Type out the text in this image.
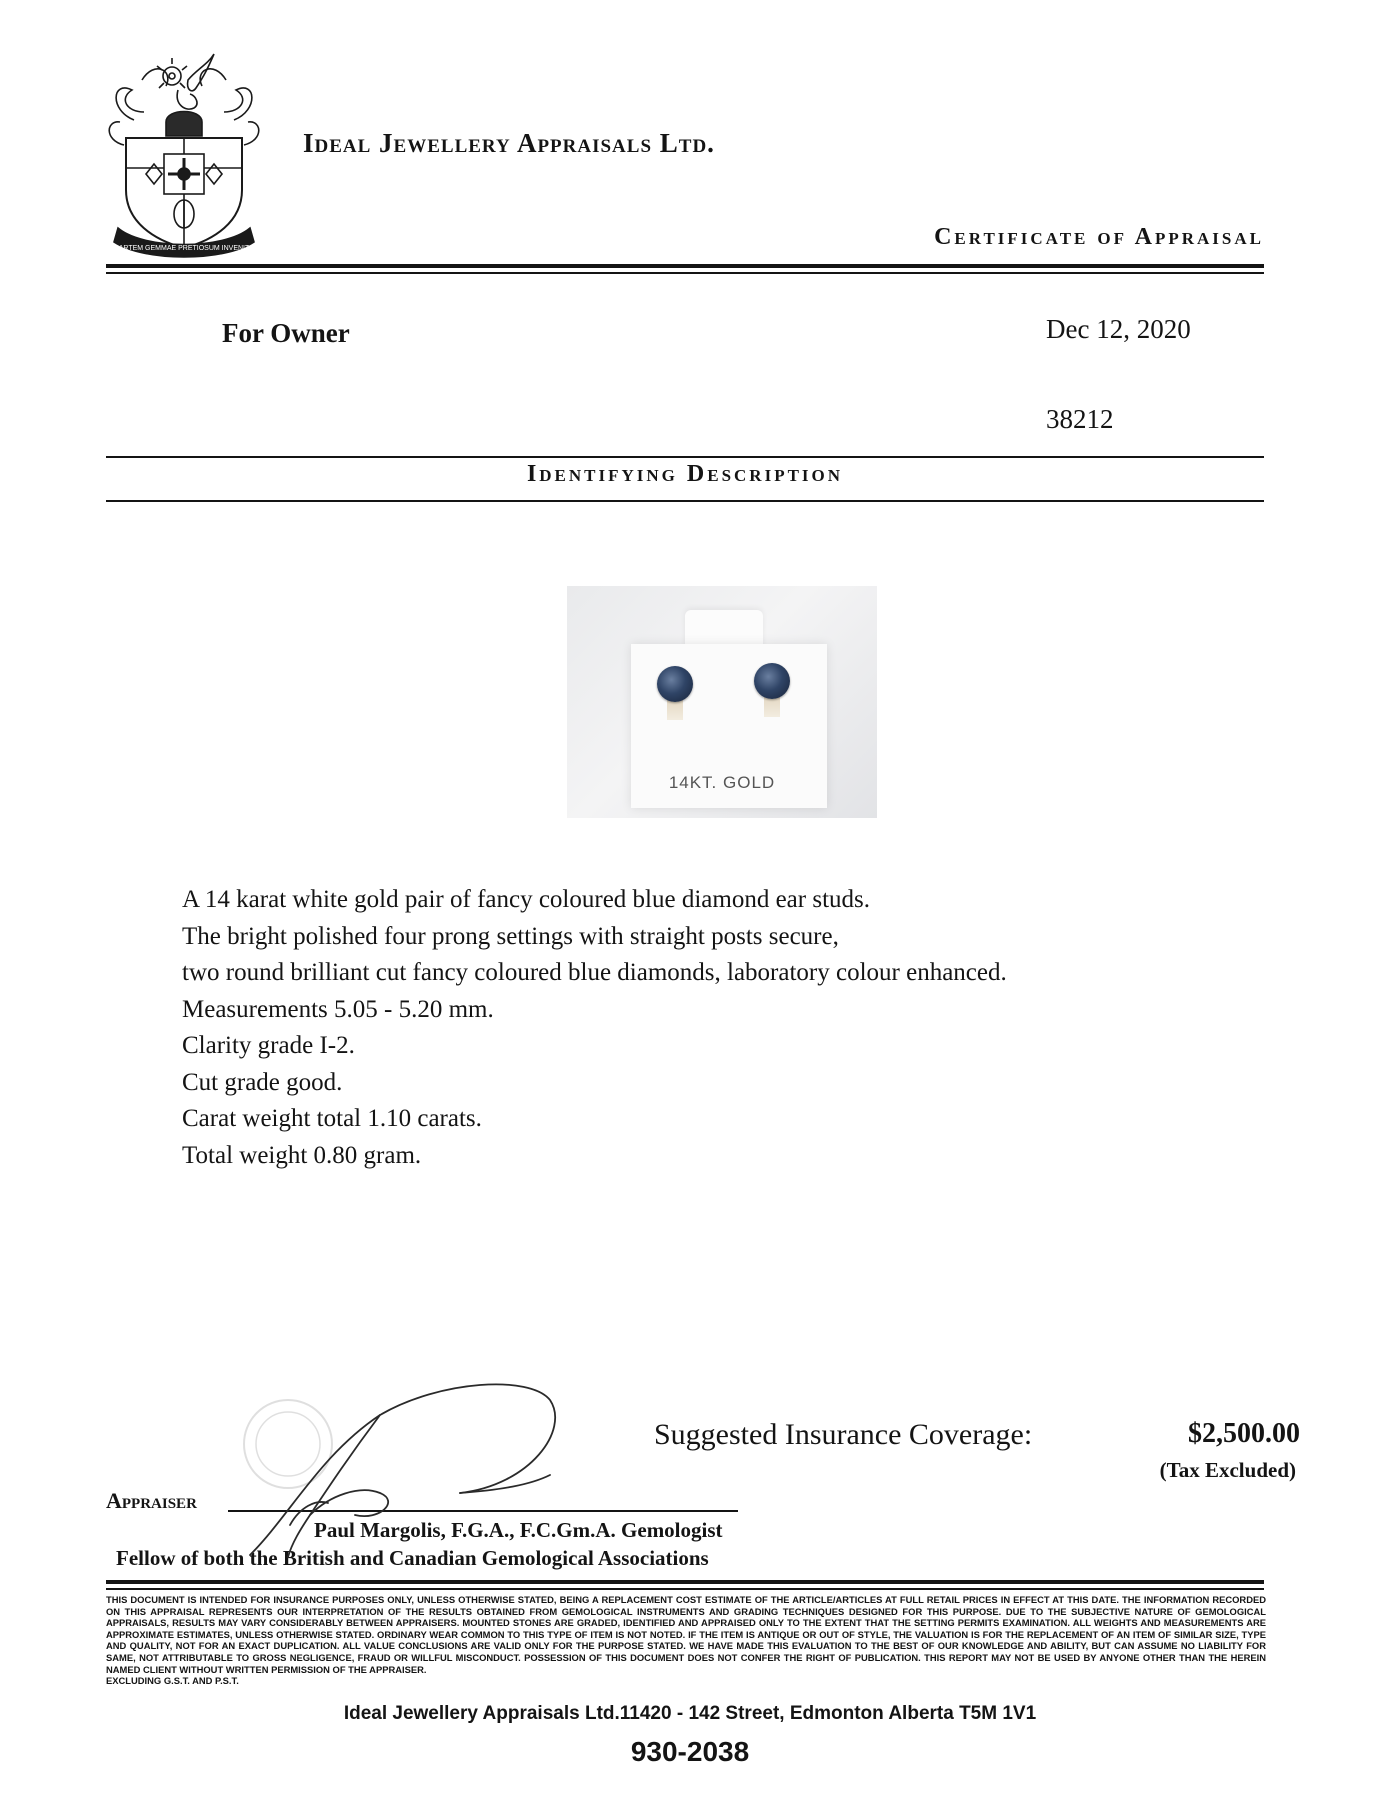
ARTEM GEMMAE PRETIOSUM INVENIT
Ideal Jewellery Appraisals Ltd.
Certificate of Appraisal
For Owner	Dec 12, 2020
38212
Identifying Description
14KT. GOLD
A 14 karat white gold pair of fancy coloured blue diamond ear studs.
The bright polished four prong settings with straight posts secure,
two round brilliant cut fancy coloured blue diamonds, laboratory colour enhanced.
Measurements 5.05 - 5.20 mm.
Clarity grade I-2.
Cut grade good.
Carat weight total 1.10 carats.
Total weight 0.80 gram.
Suggested Insurance Coverage:	$2,500.00
(Tax Excluded)
Appraiser
Paul Margolis, F.G.A., F.C.Gm.A. Gemologist
Fellow of both the British and Canadian Gemological Associations
THIS DOCUMENT IS INTENDED FOR INSURANCE PURPOSES ONLY, UNLESS OTHERWISE STATED, BEING A REPLACEMENT COST ESTIMATE OF THE ARTICLE/ARTICLES AT FULL RETAIL PRICES IN EFFECT AT THIS DATE. THE INFORMATION RECORDED ON THIS APPRAISAL REPRESENTS OUR INTERPRETATION OF THE RESULTS OBTAINED FROM GEMOLOGICAL INSTRUMENTS AND GRADING TECHNIQUES DESIGNED FOR THIS PURPOSE. DUE TO THE SUBJECTIVE NATURE OF GEMOLOGICAL APPRAISALS, RESULTS MAY VARY CONSIDERABLY BETWEEN APPRAISERS. MOUNTED STONES ARE GRADED, IDENTIFIED AND APPRAISED ONLY TO THE EXTENT THAT THE SETTING PERMITS EXAMINATION. ALL WEIGHTS AND MEASUREMENTS ARE APPROXIMATE ESTIMATES, UNLESS OTHERWISE STATED. ORDINARY WEAR COMMON TO THIS TYPE OF ITEM IS NOT NOTED. IF THE ITEM IS ANTIQUE OR OUT OF STYLE, THE VALUATION IS FOR THE REPLACEMENT OF AN ITEM OF SIMILAR SIZE, TYPE AND QUALITY, NOT FOR AN EXACT DUPLICATION. ALL VALUE CONCLUSIONS ARE VALID ONLY FOR THE PURPOSE STATED. WE HAVE MADE THIS EVALUATION TO THE BEST OF OUR KNOWLEDGE AND ABILITY, BUT CAN ASSUME NO LIABILITY FOR SAME, NOT ATTRIBUTABLE TO GROSS NEGLIGENCE, FRAUD OR WILLFUL MISCONDUCT. POSSESSION OF THIS DOCUMENT DOES NOT CONFER THE RIGHT OF PUBLICATION. THIS REPORT MAY NOT BE USED BY ANYONE OTHER THAN THE HEREIN NAMED CLIENT WITHOUT WRITTEN PERMISSION OF THE APPRAISER.
EXCLUDING G.S.T. AND P.S.T.
Ideal Jewellery Appraisals Ltd.11420 - 142 Street, Edmonton Alberta T5M 1V1
930-2038
